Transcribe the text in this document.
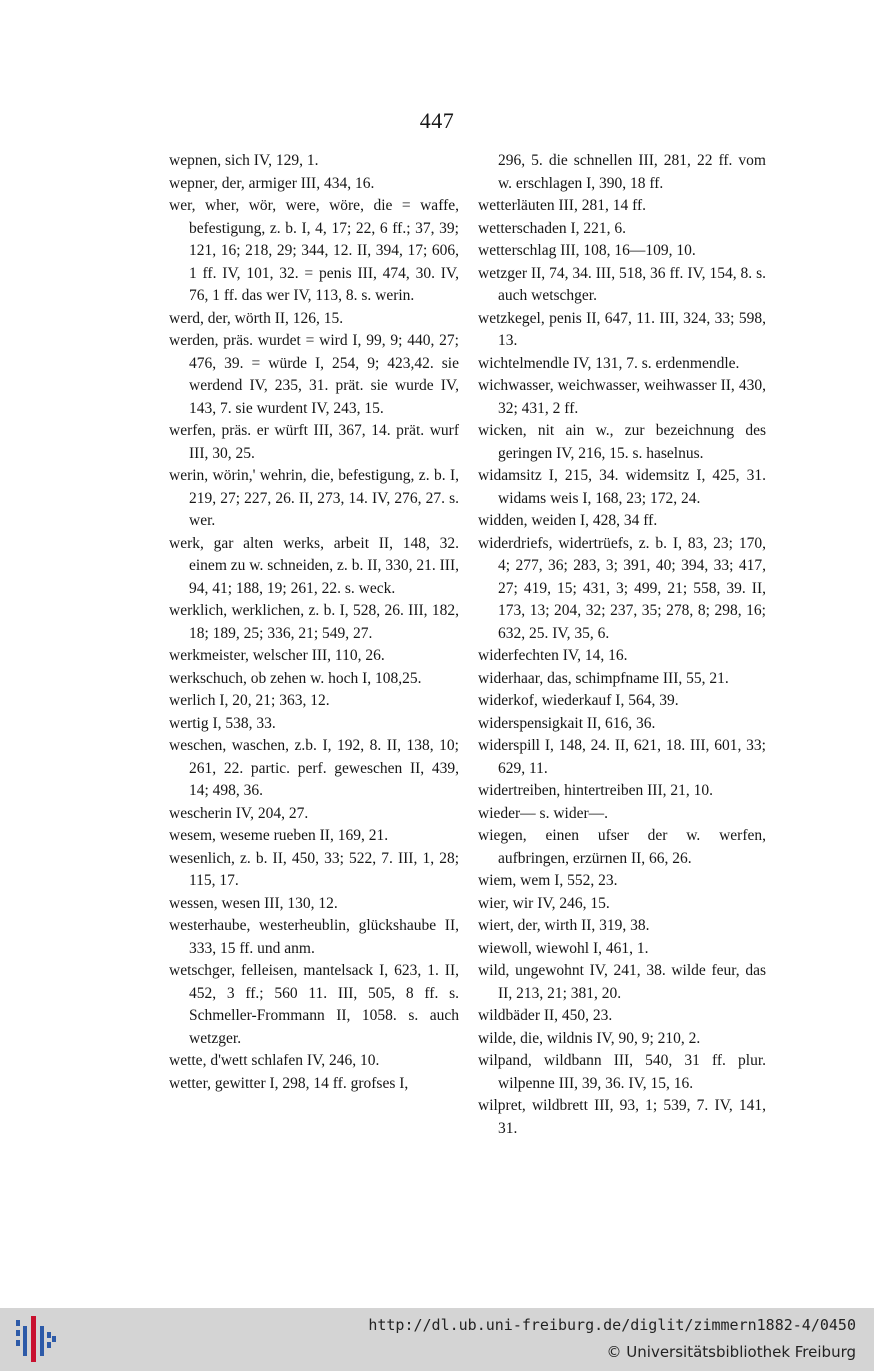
447

wepnen, sich IV, 129, 1.

wepner, der, armiger III, 434, 16.

wer, wher, wör, were, wöre, die = waffe, befestigung, z. b. I, 4, 17; 22, 6 ff.; 37, 39; 121, 16; 218, 29; 344, 12. II, 394, 17; 606, 1 ff. IV, 101, 32. = penis III, 474, 30. IV, 76, 1 ff. das wer IV, 113, 8. s. werin.

werd, der, wörth II, 126, 15.

werden, präs. wurdet = wird I, 99, 9; 440, 27; 476, 39. = würde I, 254, 9; 423,42. sie werdend IV, 235, 31. prät. sie wurde IV, 143, 7. sie wurdent IV, 243, 15.

werfen, präs. er würft III, 367, 14. prät. wurf III, 30, 25.

werin, wörin,' wehrin, die, befestigung, z. b. I, 219, 27; 227, 26. II, 273, 14. IV, 276, 27. s. wer.

werk, gar alten werks, arbeit II, 148, 32. einem zu w. schneiden, z. b. II, 330, 21. III, 94, 41; 188, 19; 261, 22. s. weck.

werklich, werklichen, z. b. I, 528, 26. III, 182, 18; 189, 25; 336, 21; 549, 27.

werkmeister, welscher III, 110, 26.

werkschuch, ob zehen w. hoch I, 108,25.

werlich I, 20, 21; 363, 12.

wertig I, 538, 33.

weschen, waschen, z.b. I, 192, 8. II, 138, 10; 261, 22. partic. perf. geweschen II, 439, 14; 498, 36.

wescherin IV, 204, 27.

wesem, weseme rueben II, 169, 21.

wesenlich, z. b. II, 450, 33; 522, 7. III, 1, 28; 115, 17.

wessen, wesen III, 130, 12.

westerhaube, westerheublin, glückshaube II, 333, 15 ff. und anm.

wetschger, felleisen, mantelsack I, 623, 1. II, 452, 3 ff.; 560 11. III, 505, 8 ff. s. Schmeller-Frommann II, 1058. s. auch wetzger.

wette, d'wett schlafen IV, 246, 10.

wetter, gewitter I, 298, 14 ff. grofses I,

296, 5. die schnellen III, 281, 22 ff. vom w. erschlagen I, 390, 18 ff.

wetterläuten III, 281, 14 ff.

wetterschaden I, 221, 6.

wetterschlag III, 108, 16—109, 10.

wetzger II, 74, 34. III, 518, 36 ff. IV, 154, 8. s. auch wetschger.

wetzkegel, penis II, 647, 11. III, 324, 33; 598, 13.

wichtelmendle IV, 131, 7. s. erdenmendle.

wichwasser, weichwasser, weihwasser II, 430, 32; 431, 2 ff.

wicken, nit ain w., zur bezeichnung des geringen IV, 216, 15. s. haselnus.

widamsitz I, 215, 34. widemsitz I, 425, 31. widams weis I, 168, 23; 172, 24.

widden, weiden I, 428, 34 ff.

widerdriefs, widertrüefs, z. b. I, 83, 23; 170, 4; 277, 36; 283, 3; 391, 40; 394, 33; 417, 27; 419, 15; 431, 3; 499, 21; 558, 39. II, 173, 13; 204, 32; 237, 35; 278, 8; 298, 16; 632, 25. IV, 35, 6.

widerfechten IV, 14, 16.

widerhaar, das, schimpfname III, 55, 21.

widerkof, wiederkauf I, 564, 39.

widerspensigkait II, 616, 36.

widerspill I, 148, 24. II, 621, 18. III, 601, 33; 629, 11.

widertreiben, hintertreiben III, 21, 10.

wieder— s. wider—.

wiegen, einen ufser der w. werfen, aufbringen, erzürnen II, 66, 26.

wiem, wem I, 552, 23.

wier, wir IV, 246, 15.

wiert, der, wirth II, 319, 38.

wiewoll, wiewohl I, 461, 1.

wild, ungewohnt IV, 241, 38. wilde feur, das II, 213, 21; 381, 20.

wildbäder II, 450, 23.

wilde, die, wildnis IV, 90, 9; 210, 2.

wilpand, wildbann III, 540, 31 ff. plur. wilpenne III, 39, 36. IV, 15, 16.

wilpret, wildbrett III, 93, 1; 539, 7. IV, 141, 31.

http://dl.ub.uni-freiburg.de/diglit/zimmern1882-4/0450
© Universitätsbibliothek Freiburg
